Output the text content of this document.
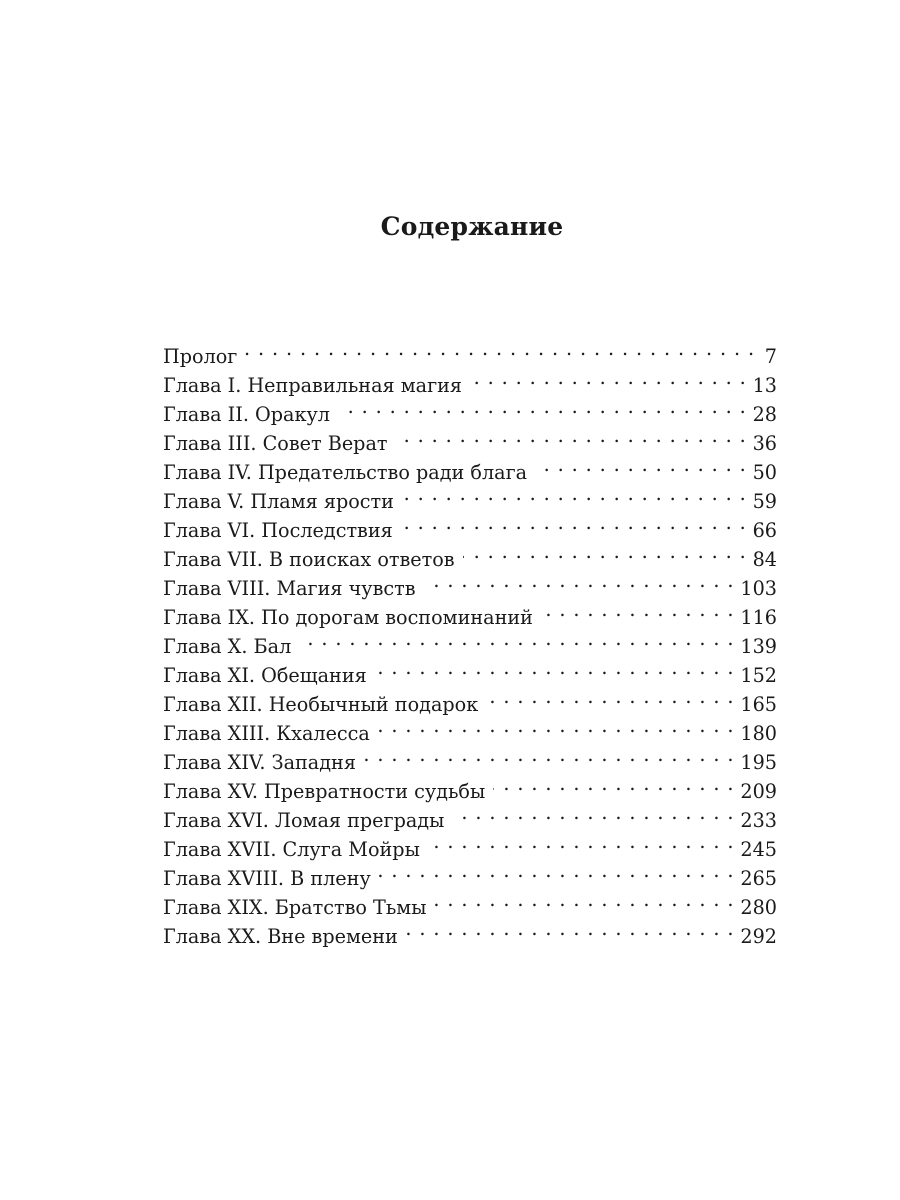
Содержание
Пролог . . .	7
Глава I. Неправильная магия . . .	13
Глава II. Оракул . . .	28
Глава III. Совет Верат . . .	36
Глава IV. Предательство ради блага . . .	50
Глава V. Пламя ярости . . .	59
Глава VI. Последствия . . .	66
Глава VII. В поисках ответов . . .	84
Глава VIII. Магия чувств . . .	103
Глава IX. По дорогам воспоминаний . . .	116
Глава X. Бал . . .	139
Глава XI. Обещания . . .	152
Глава XII. Необычный подарок . . .	165
Глава XIII. Кхалесса . . .	180
Глава XIV. Западня . . .	195
Глава XV. Превратности судьбы . . .	209
Глава XVI. Ломая преграды . . .	233
Глава XVII. Слуга Мойры . . .	245
Глава XVIII. В плену . . .	265
Глава XIX. Братство Тьмы . . .	280
Глава XX. Вне времени . . .	292
